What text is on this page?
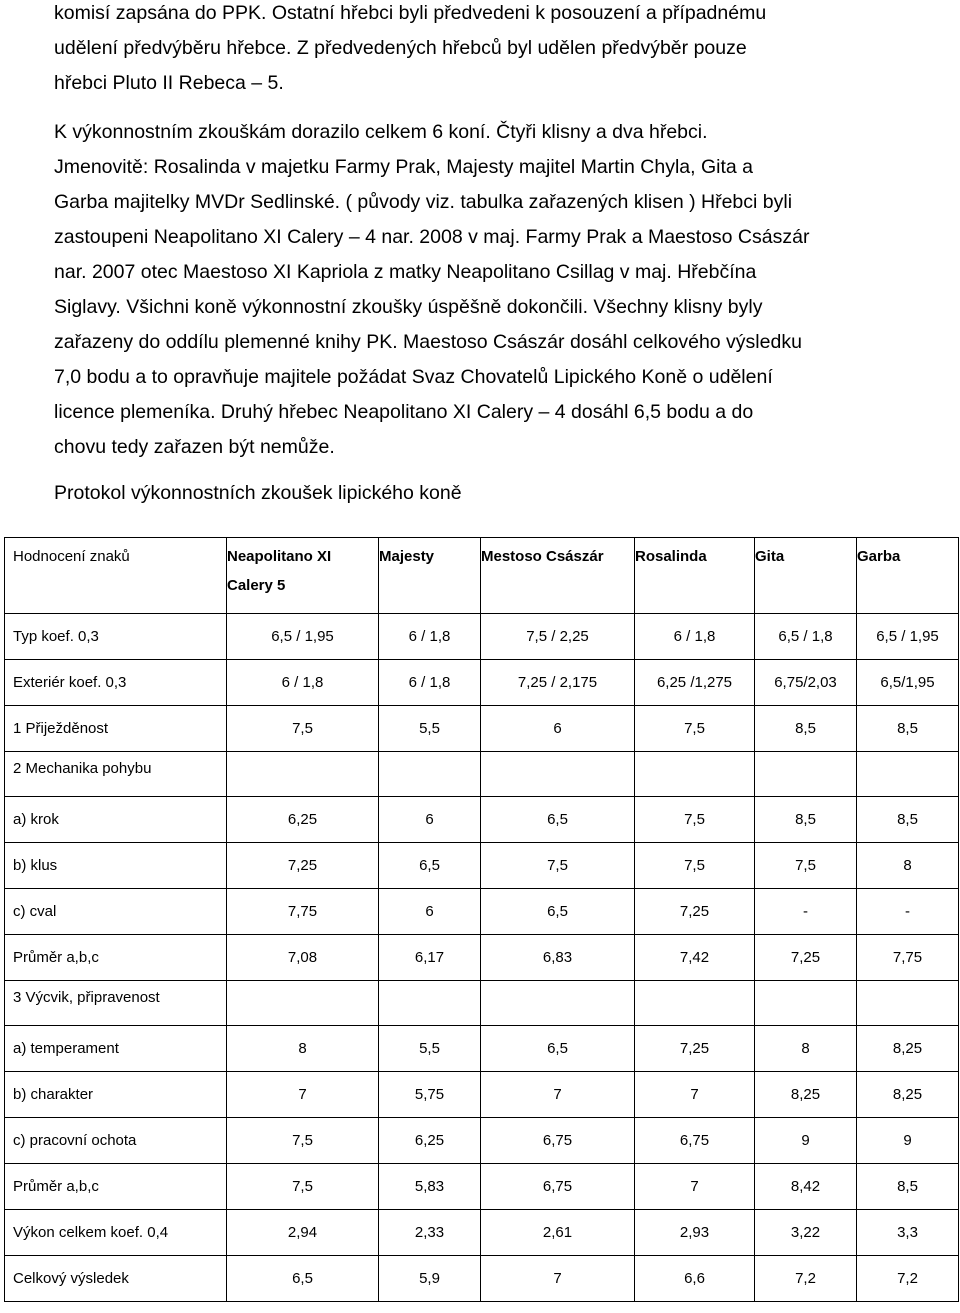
komisí zapsána do PPK. Ostatní hřebci byli předvedeni k posouzení a případnému
udělení předvýběru hřebce. Z předvedených hřebců byl udělen předvýběr pouze
hřebci Pluto II Rebeca – 5.
K výkonnostním zkouškám dorazilo celkem 6 koní. Čtyři klisny a dva hřebci.
Jmenovitě: Rosalinda v majetku Farmy Prak, Majesty majitel Martin Chyla, Gita a
Garba majitelky MVDr Sedlinské. ( původy viz. tabulka zařazených klisen ) Hřebci byli
zastoupeni Neapolitano XI Calery – 4 nar. 2008 v maj. Farmy Prak a Maestoso Császár
nar. 2007 otec Maestoso XI Kapriola z matky Neapolitano Csillag v maj. Hřebčína
Siglavy. Všichni koně výkonnostní zkoušky úspěšně dokončili. Všechny klisny byly
zařazeny do oddílu plemenné knihy PK. Maestoso Császár dosáhl celkového výsledku
7,0 bodu a to opravňuje majitele požádat Svaz Chovatelů Lipického Koně o udělení
licence plemeníka. Druhý hřebec Neapolitano XI Calery – 4 dosáhl 6,5 bodu a do
chovu tedy zařazen být nemůže.
Protokol výkonnostních zkoušek lipického koně
Hodnocení znaků	Neapolitano XI Calery 5	Majesty	Mestoso Császár	Rosalinda	Gita	Garba
Typ koef. 0,3	6,5 / 1,95	6 / 1,8	7,5 / 2,25	6 / 1,8	6,5 / 1,8	6,5 / 1,95
Exteriér koef. 0,3	6 / 1,8	6 / 1,8	7,25 / 2,175	6,25 /1,275	6,75/2,03	6,5/1,95
1 Přiježděnost	7,5	5,5	6	7,5	8,5	8,5
2 Mechanika pohybu						
a) krok	6,25	6	6,5	7,5	8,5	8,5
b) klus	7,25	6,5	7,5	7,5	7,5	8
c) cval	7,75	6	6,5	7,25	-	-
Průměr a,b,c	7,08	6,17	6,83	7,42	7,25	7,75
3 Výcvik, připravenost						
a) temperament	8	5,5	6,5	7,25	8	8,25
b) charakter	7	5,75	7	7	8,25	8,25
c) pracovní ochota	7,5	6,25	6,75	6,75	9	9
Průměr a,b,c	7,5	5,83	6,75	7	8,42	8,5
Výkon celkem koef. 0,4	2,94	2,33	2,61	2,93	3,22	3,3
Celkový výsledek	6,5	5,9	7	6,6	7,2	7,2
